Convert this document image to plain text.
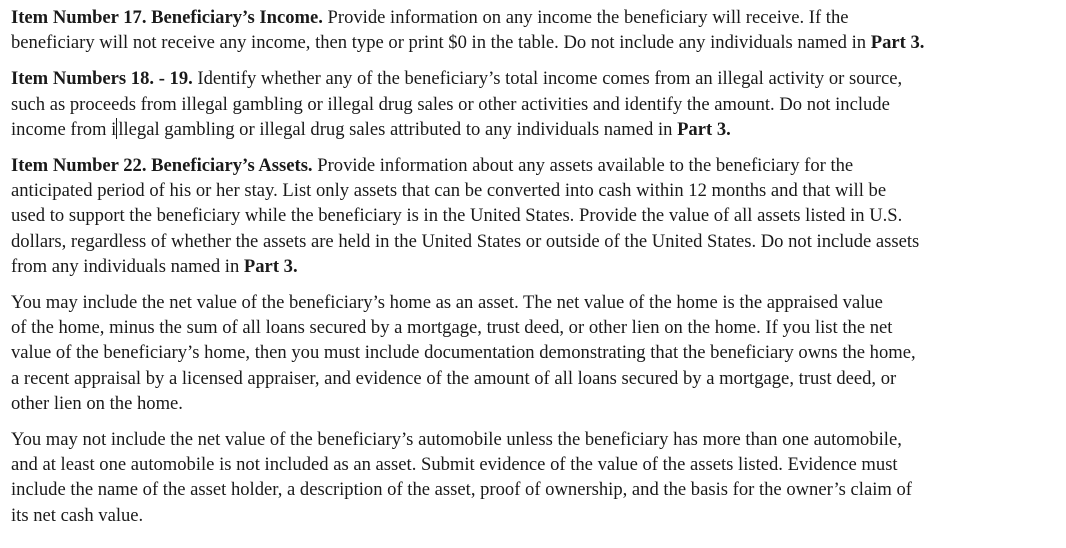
Item Number 17. Beneficiary’s Income. Provide information on any income the beneficiary will receive. If the
beneficiary will not receive any income, then type or print $0 in the table. Do not include any individuals named in Part 3.

Item Numbers 18. - 19. Identify whether any of the beneficiary’s total income comes from an illegal activity or source,
such as proceeds from illegal gambling or illegal drug sales or other activities and identify the amount. Do not include
income from i llegal gambling or illegal drug sales attributed to any individuals named in Part 3.

Item Number 22. Beneficiary’s Assets. Provide information about any assets available to the beneficiary for the
anticipated period of his or her stay. List only assets that can be converted into cash within 12 months and that will be
used to support the beneficiary while the beneficiary is in the United States. Provide the value of all assets listed in U.S.
dollars, regardless of whether the assets are held in the United States or outside of the United States. Do not include assets
from any individuals named in Part 3.

You may include the net value of the beneficiary’s home as an asset. The net value of the home is the appraised value
of the home, minus the sum of all loans secured by a mortgage, trust deed, or other lien on the home. If you list the net
value of the beneficiary’s home, then you must include documentation demonstrating that the beneficiary owns the home,
a recent appraisal by a licensed appraiser, and evidence of the amount of all loans secured by a mortgage, trust deed, or
other lien on the home.

You may not include the net value of the beneficiary’s automobile unless the beneficiary has more than one automobile,
and at least one automobile is not included as an asset. Submit evidence of the value of the assets listed. Evidence must
include the name of the asset holder, a description of the asset, proof of ownership, and the basis for the owner’s claim of
its net cash value.
